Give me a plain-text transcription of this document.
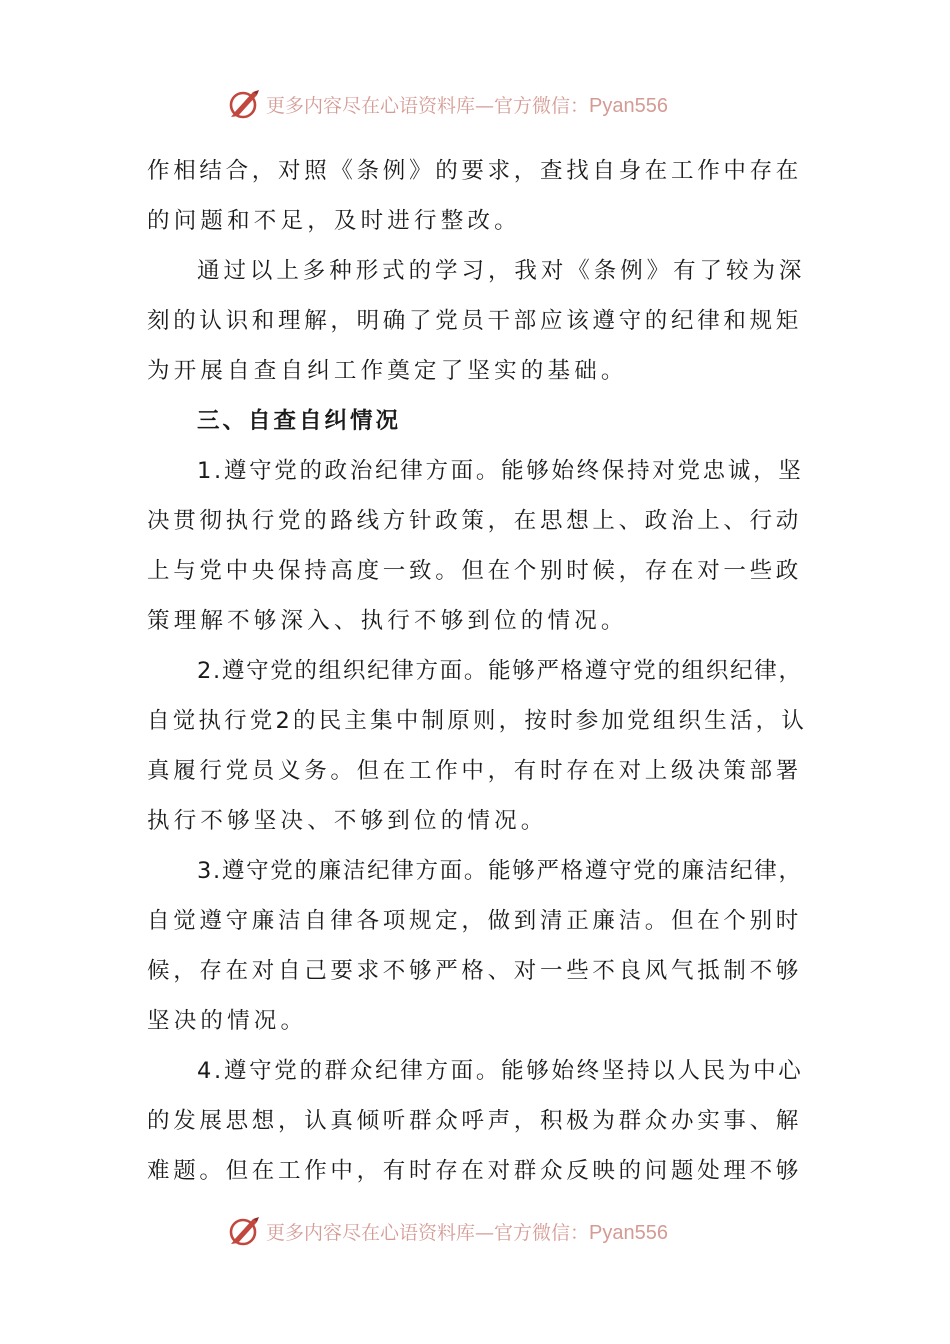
更多内容尽在心语资料库—官方微信：Pyan556
作相结合，对照《条例》的要求，查找自身在工作中存在
的问题和不足，及时进行整改。
通过以上多种形式的学习，我对《条例》有了较为深
刻的认识和理解，明确了党员干部应该遵守的纪律和规矩
为开展自查自纠工作奠定了坚实的基础。
三、自查自纠情况
1.遵守党的政治纪律方面。能够始终保持对党忠诚，坚
决贯彻执行党的路线方针政策，在思想上、政治上、行动
上与党中央保持高度一致。但在个别时候，存在对一些政
策理解不够深入、执行不够到位的情况。
2.遵守党的组织纪律方面。能够严格遵守党的组织纪律，
自觉执行党2的民主集中制原则，按时参加党组织生活，认
真履行党员义务。但在工作中，有时存在对上级决策部署
执行不够坚决、不够到位的情况。
3.遵守党的廉洁纪律方面。能够严格遵守党的廉洁纪律，
自觉遵守廉洁自律各项规定，做到清正廉洁。但在个别时
候，存在对自己要求不够严格、对一些不良风气抵制不够
坚决的情况。
4.遵守党的群众纪律方面。能够始终坚持以人民为中心
的发展思想，认真倾听群众呼声，积极为群众办实事、解
难题。但在工作中，有时存在对群众反映的问题处理不够
更多内容尽在心语资料库—官方微信：Pyan556
